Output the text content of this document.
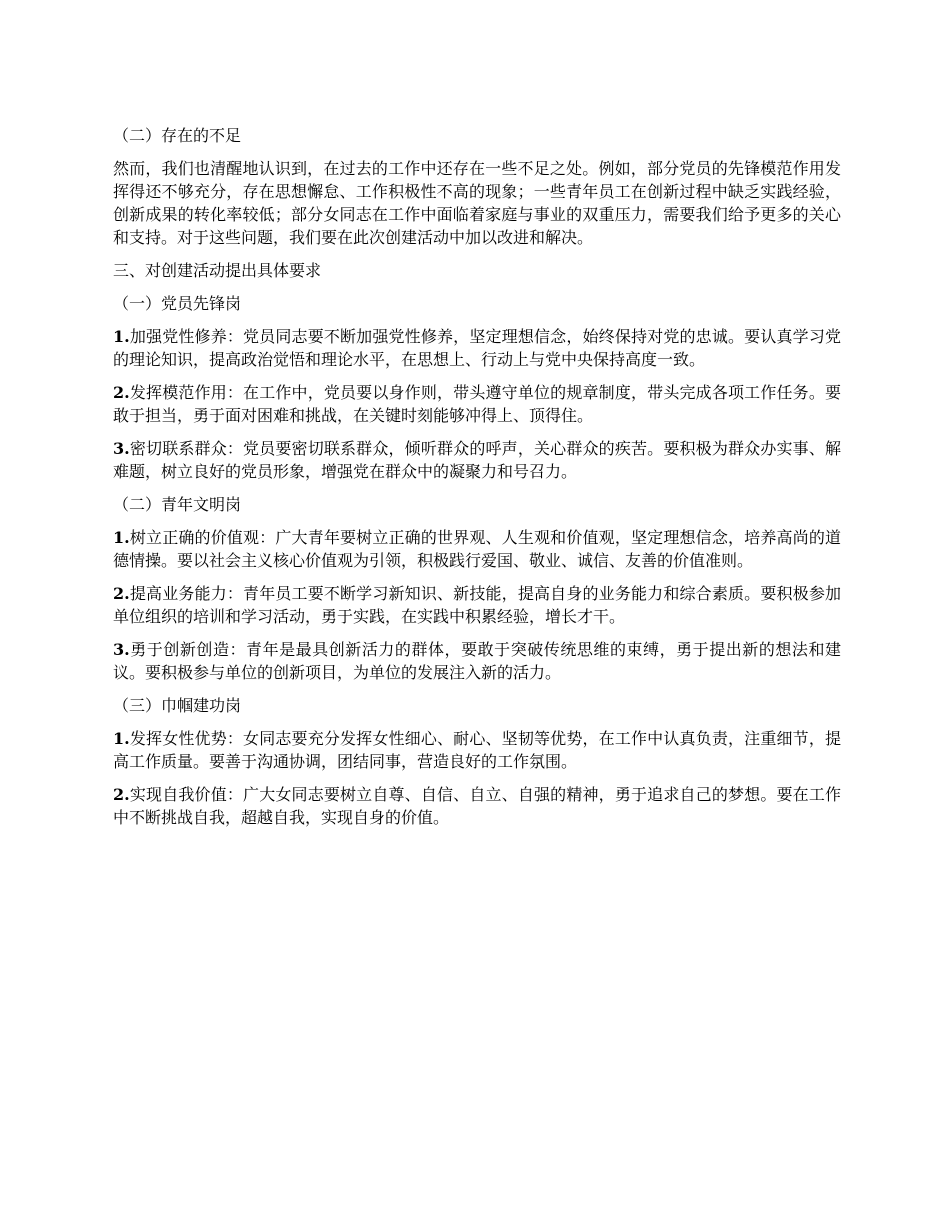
（二）存在的不足
然而，我们也清醒地认识到，在过去的工作中还存在一些不足之处。例如，部分党员的先锋模范作用发挥得还不够充分，存在思想懈怠、工作积极性不高的现象；一些青年员工在创新过程中缺乏实践经验，创新成果的转化率较低；部分女同志在工作中面临着家庭与事业的双重压力，需要我们给予更多的关心和支持。对于这些问题，我们要在此次创建活动中加以改进和解决。
三、对创建活动提出具体要求
（一）党员先锋岗
1.加强党性修养：党员同志要不断加强党性修养，坚定理想信念，始终保持对党的忠诚。要认真学习党的理论知识，提高政治觉悟和理论水平，在思想上、行动上与党中央保持高度一致。
2.发挥模范作用：在工作中，党员要以身作则，带头遵守单位的规章制度，带头完成各项工作任务。要敢于担当，勇于面对困难和挑战，在关键时刻能够冲得上、顶得住。
3.密切联系群众：党员要密切联系群众，倾听群众的呼声，关心群众的疾苦。要积极为群众办实事、解难题，树立良好的党员形象，增强党在群众中的凝聚力和号召力。
（二）青年文明岗
1.树立正确的价值观：广大青年要树立正确的世界观、人生观和价值观，坚定理想信念，培养高尚的道德情操。要以社会主义核心价值观为引领，积极践行爱国、敬业、诚信、友善的价值准则。
2.提高业务能力：青年员工要不断学习新知识、新技能，提高自身的业务能力和综合素质。要积极参加单位组织的培训和学习活动，勇于实践，在实践中积累经验，增长才干。
3.勇于创新创造：青年是最具创新活力的群体，要敢于突破传统思维的束缚，勇于提出新的想法和建议。要积极参与单位的创新项目，为单位的发展注入新的活力。
（三）巾帼建功岗
1.发挥女性优势：女同志要充分发挥女性细心、耐心、坚韧等优势，在工作中认真负责，注重细节，提高工作质量。要善于沟通协调，团结同事，营造良好的工作氛围。
2.实现自我价值：广大女同志要树立自尊、自信、自立、自强的精神，勇于追求自己的梦想。要在工作中不断挑战自我，超越自我，实现自身的价值。
